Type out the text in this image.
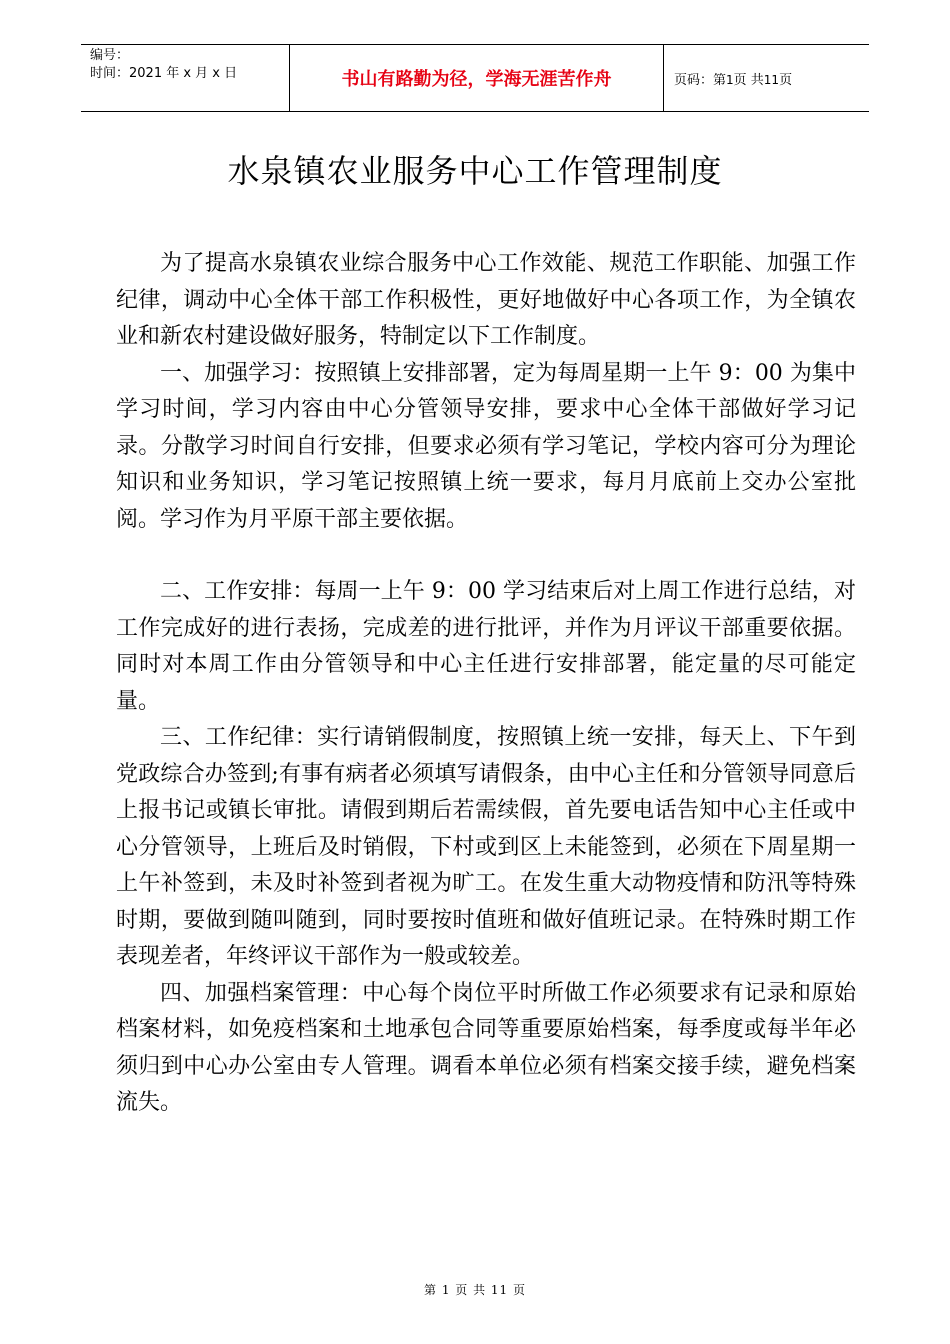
编号：
时间：2021 年 x 月 x 日	书山有路勤为径，学海无涯苦作舟	页码：第1页 共11页
水泉镇农业服务中心工作管理制度

为了提高水泉镇农业综合服务中心工作效能、规范工作职能、加强工作纪律，调动中心全体干部工作积极性，更好地做好中心各项工作，为全镇农业和新农村建设做好服务，特制定以下工作制度。

一、加强学习：按照镇上安排部署，定为每周星期一上午 9：00 为集中学习时间，学习内容由中心分管领导安排，要求中心全体干部做好学习记录。分散学习时间自行安排，但要求必须有学习笔记，学校内容可分为理论知识和业务知识，学习笔记按照镇上统一要求，每月月底前上交办公室批阅。学习作为月平原干部主要依据。

二、工作安排：每周一上午 9：00 学习结束后对上周工作进行总结，对工作完成好的进行表扬，完成差的进行批评，并作为月评议干部重要依据。同时对本周工作由分管领导和中心主任进行安排部署，能定量的尽可能定量。

三、工作纪律：实行请销假制度，按照镇上统一安排，每天上、下午到党政综合办签到;有事有病者必须填写请假条，由中心主任和分管领导同意后上报书记或镇长审批。请假到期后若需续假，首先要电话告知中心主任或中心分管领导，上班后及时销假，下村或到区上未能签到，必须在下周星期一上午补签到，未及时补签到者视为旷工。在发生重大动物疫情和防汛等特殊时期，要做到随叫随到，同时要按时值班和做好值班记录。在特殊时期工作表现差者，年终评议干部作为一般或较差。

四、加强档案管理：中心每个岗位平时所做工作必须要求有记录和原始档案材料，如免疫档案和土地承包合同等重要原始档案，每季度或每半年必须归到中心办公室由专人管理。调看本单位必须有档案交接手续，避免档案流失。

第 1 页 共 11 页
